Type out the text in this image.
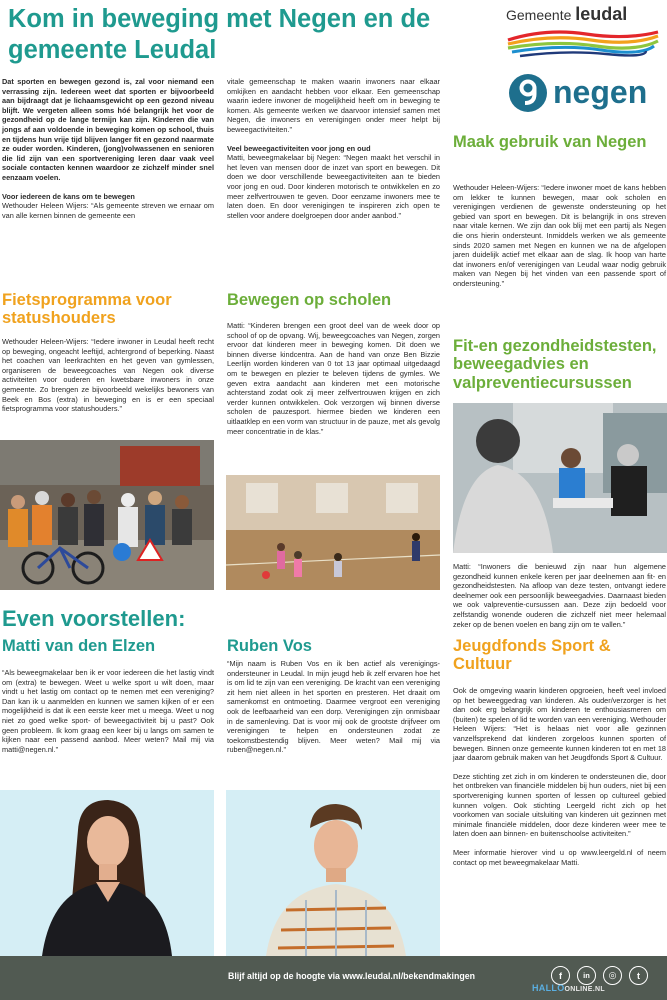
Kom in beweging met Negen en de gemeente Leudal
Gemeente leudal
negen

Dat sporten en bewegen gezond is, zal voor niemand een verrassing zijn. Iedereen weet dat sporten er bijvoorbeeld aan bijdraagt dat je lichaamsgewicht op een gezond niveau blijft. We vergeten alleen soms hóé belangrijk het voor de gezondheid op de lange termijn kan zijn. Kinderen die van jongs af aan voldoende in beweging komen op school, thuis en tijdens hun vrije tijd blijven langer fit en gezond naarmate ze ouder worden. Kinderen, (jong)volwassenen en senioren die lid zijn van een sportvereniging leren daar vaak veel sociale contacten kennen waardoor ze zichzelf minder snel eenzaam voelen.

Voor iedereen de kans om te bewegen
Wethouder Heleen Wijers: “Als gemeente streven we ernaar om van alle kernen binnen de gemeente een

vitale gemeenschap te maken waarin inwoners naar elkaar omkijken en aandacht hebben voor elkaar. Een gemeenschap waarin iedere inwoner de mogelijkheid heeft om in beweging te komen. Als gemeente werken we daarvoor intensief samen met Negen, die inwoners en verenigingen onder meer helpt bij beweegactiviteiten.”

Veel beweegactiviteiten voor jong en oud
Matti, beweegmakelaar bij Negen: “Negen maakt het verschil in het leven van mensen door de inzet van sport en bewegen. Dit doen we door verschillende beweegactiviteiten aan te bieden voor jong en oud. Door kinderen motorisch te ontwikkelen en zo meer zelfvertrouwen te geven. Door eenzame inwoners mee te laten doen. En door verenigingen te inspireren zich open te stellen voor andere doelgroepen door ander aanbod.”
Maak gebruik van Negen
Wethouder Heleen-Wijers: “Iedere inwoner moet de kans hebben om lekker te kunnen bewegen, maar ook scholen en verenigingen verdienen de gewenste ondersteuning op het gebied van sport en bewegen. Dit is belangrijk in ons streven naar vitale kernen. We zijn dan ook blij met een partij als Negen die ons hierin ondersteunt. Inmiddels werken we als gemeente sinds 2020 samen met Negen en kunnen we na de afgelopen jaren duidelijk actief met elkaar aan de slag. Ik hoop van harte dat inwoners en/of verenigingen van Leudal waar nodig gebruik maken van Negen bij het vinden van een passende sport of ondersteuning.”
Fietsprogramma voor statushouders
Wethouder Heleen-Wijers: “Iedere inwoner in Leudal heeft recht op beweging, ongeacht leeftijd, achtergrond of beperking. Naast het coachen van leerkrachten en het geven van gymlessen, organiseren de beweegcoaches van Negen ook diverse activiteiten voor ouderen en kwetsbare inwoners in onze gemeente. Zo brengen ze bijvoorbeeld wekelijks bewoners van Beek en Bos (extra) in beweging en is er een speciaal fietsprogramma voor statushouders.”
Bewegen op scholen
Matti: “Kinderen brengen een groot deel van de week door op school of op de opvang. Wij, beweegcoaches van Negen, zorgen ervoor dat kinderen meer in beweging komen. Dit doen we binnen diverse kindcentra. Aan de hand van onze Ben Bizzie Leerlijn worden kinderen van 0 tot 13 jaar optimaal uitgedaagd om te bewegen en plezier te beleven tijdens de gymles. We geven extra aandacht aan kinderen met een motorische achterstand zodat ook zij meer zelfvertrouwen krijgen en zich verder kunnen ontwikkelen. Ook verzorgen wij binnen diverse scholen de pauzesport. hiermee bieden we kinderen een uitlaatklep en een vorm van structuur in de pauze, met als gevolg meer concentratie in de klas.”
Fit-en gezondheidstesten, beweegadvies en valpreventiecursussen
Matti: “Inwoners die benieuwd zijn naar hun algemene gezondheid kunnen enkele keren per jaar deelnemen aan fit- en gezondheidstesten. Na afloop van deze testen, ontvangt iedere deelnemer ook een persoonlijk beweegadvies. Daarnaast bieden we ook valpreventie-cursussen aan. Deze zijn bedoeld voor zelfstandig wonende ouderen die zichzelf niet meer helemaal zeker op de benen voelen en bang zijn om te vallen.”
Even voorstellen:
Matti van den Elzen
“Als beweegmakelaar ben ik er voor iedereen die het lastig vindt om (extra) te bewegen. Weet u welke sport u wilt doen, maar vindt u het lastig om contact op te nemen met een vereniging? Dan kan ik u aanmelden en kunnen we samen kijken of er een mogelijkheid is dat ik een eerste keer met u meega. Weet u nog niet zo goed welke sport- of beweegactiviteit bij u past? Ook geen probleem. Ik kom graag een keer bij u langs om samen te kijken naar een passend aanbod. Meer weten? Mail mij via matti@negen.nl.”
Ruben Vos
“Mijn naam is Ruben Vos en ik ben actief als verenigings-ondersteuner in Leudal. In mijn jeugd heb ik zelf ervaren hoe het is om lid te zijn van een vereniging. De kracht van een vereniging zit hem niet alleen in het sporten en presteren. Het draait om samenkomst en ontmoeting. Daarmee vergroot een vereniging ook de leefbaarheid van een dorp. Verenigingen zijn onmisbaar in de samenleving. Dat is voor mij ook de grootste drijfveer om verenigingen te helpen en ondersteunen zodat ze toekomstbestendig blijven. Meer weten? Mail mij via ruben@negen.nl.”
Jeugdfonds Sport & Cultuur

Ook de omgeving waarin kinderen opgroeien, heeft veel invloed op het beweeggedrag van kinderen. Als ouder/verzorger is het dan ook erg belangrijk om kinderen te enthousiasmeren om (buiten) te spelen of lid te worden van een vereniging. Wethouder Heleen Wijers: “Het is helaas niet voor alle gezinnen vanzelfsprekend dat kinderen zorgeloos kunnen sporten of bewegen. Binnen onze gemeente kunnen kinderen tot en met 18 jaar daarom gebruik maken van het Jeugdfonds Sport & Cultuur.

Deze stichting zet zich in om kinderen te ondersteunen die, door het ontbreken van financiële middelen bij hun ouders, niet bij een sportvereniging kunnen sporten of lessen op cultureel gebied kunnen volgen. Ook stichting Leergeld richt zich op het voorkomen van sociale uitsluiting van kinderen uit gezinnen met minimale financiële middelen, door deze kinderen weer mee te laten doen aan binnen- en buitenschoolse activiteiten.”

Meer informatie hierover vind u op www.leergeld.nl of neem contact op met beweegmakelaar Matti.

Blijf altijd op de hoogte via www.leudal.nl/bekendmakingen	f	in	◎	t
HALLOONLINE.NL
